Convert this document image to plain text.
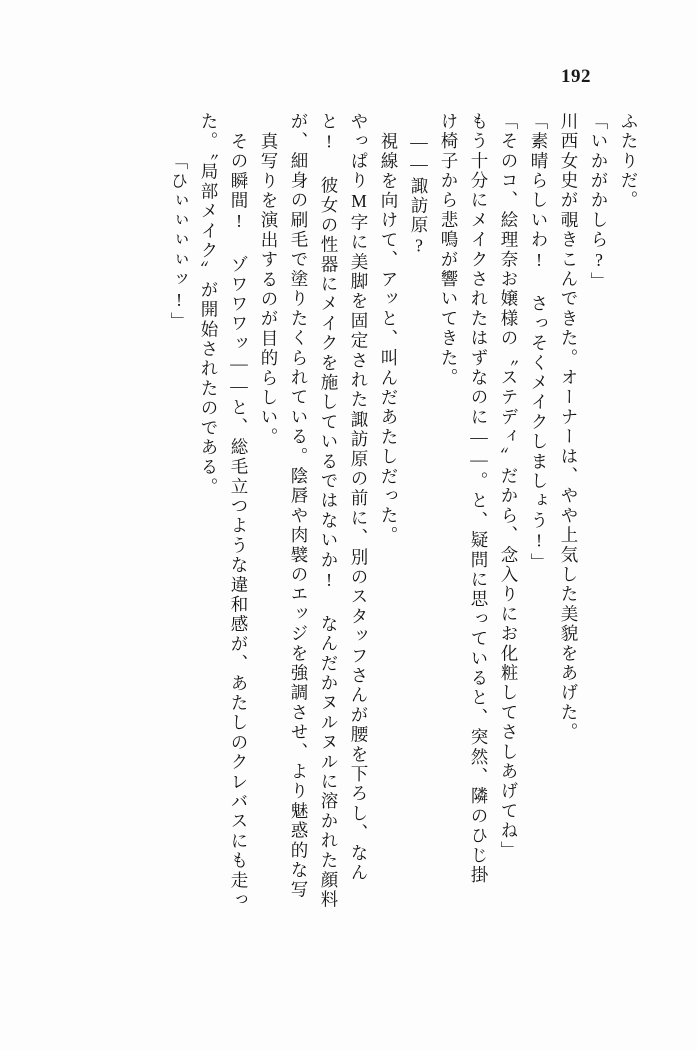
192
ふたりだ。
「いかがかしら?」
川西女史が覗きこんできた。オーナーは、やや上気した美貌をあげた。
「素晴らしいわ! さっそくメイクしましょう!」
「そのコ、絵理奈お嬢様の〝ステディ〟だから、念入りにお化粧してさしあげてね」
もう十分にメイクされたはずなのに――。と、疑問に思っていると、突然、隣のひじ掛
け椅子から悲鳴が響いてきた。
――諏訪原?
視線を向けて、アッと、叫んだあたしだった。
やっぱりM字に美脚を固定された諏訪原の前に、別のスタッフさんが腰を下ろし、なん
と! 彼女の性器にメイクを施しているではないか! なんだかヌルヌルに溶かれた顔料
が、細身の刷毛で塗りたくられている。陰唇や肉襞のエッジを強調させ、より魅惑的な写
真写りを演出するのが目的らしい。
その瞬間! ゾワワワッ――と、総毛立つような違和感が、あたしのクレバスにも走っ
た。〝局部メイク〟が開始されたのである。
「ひぃぃぃぃッ!」
